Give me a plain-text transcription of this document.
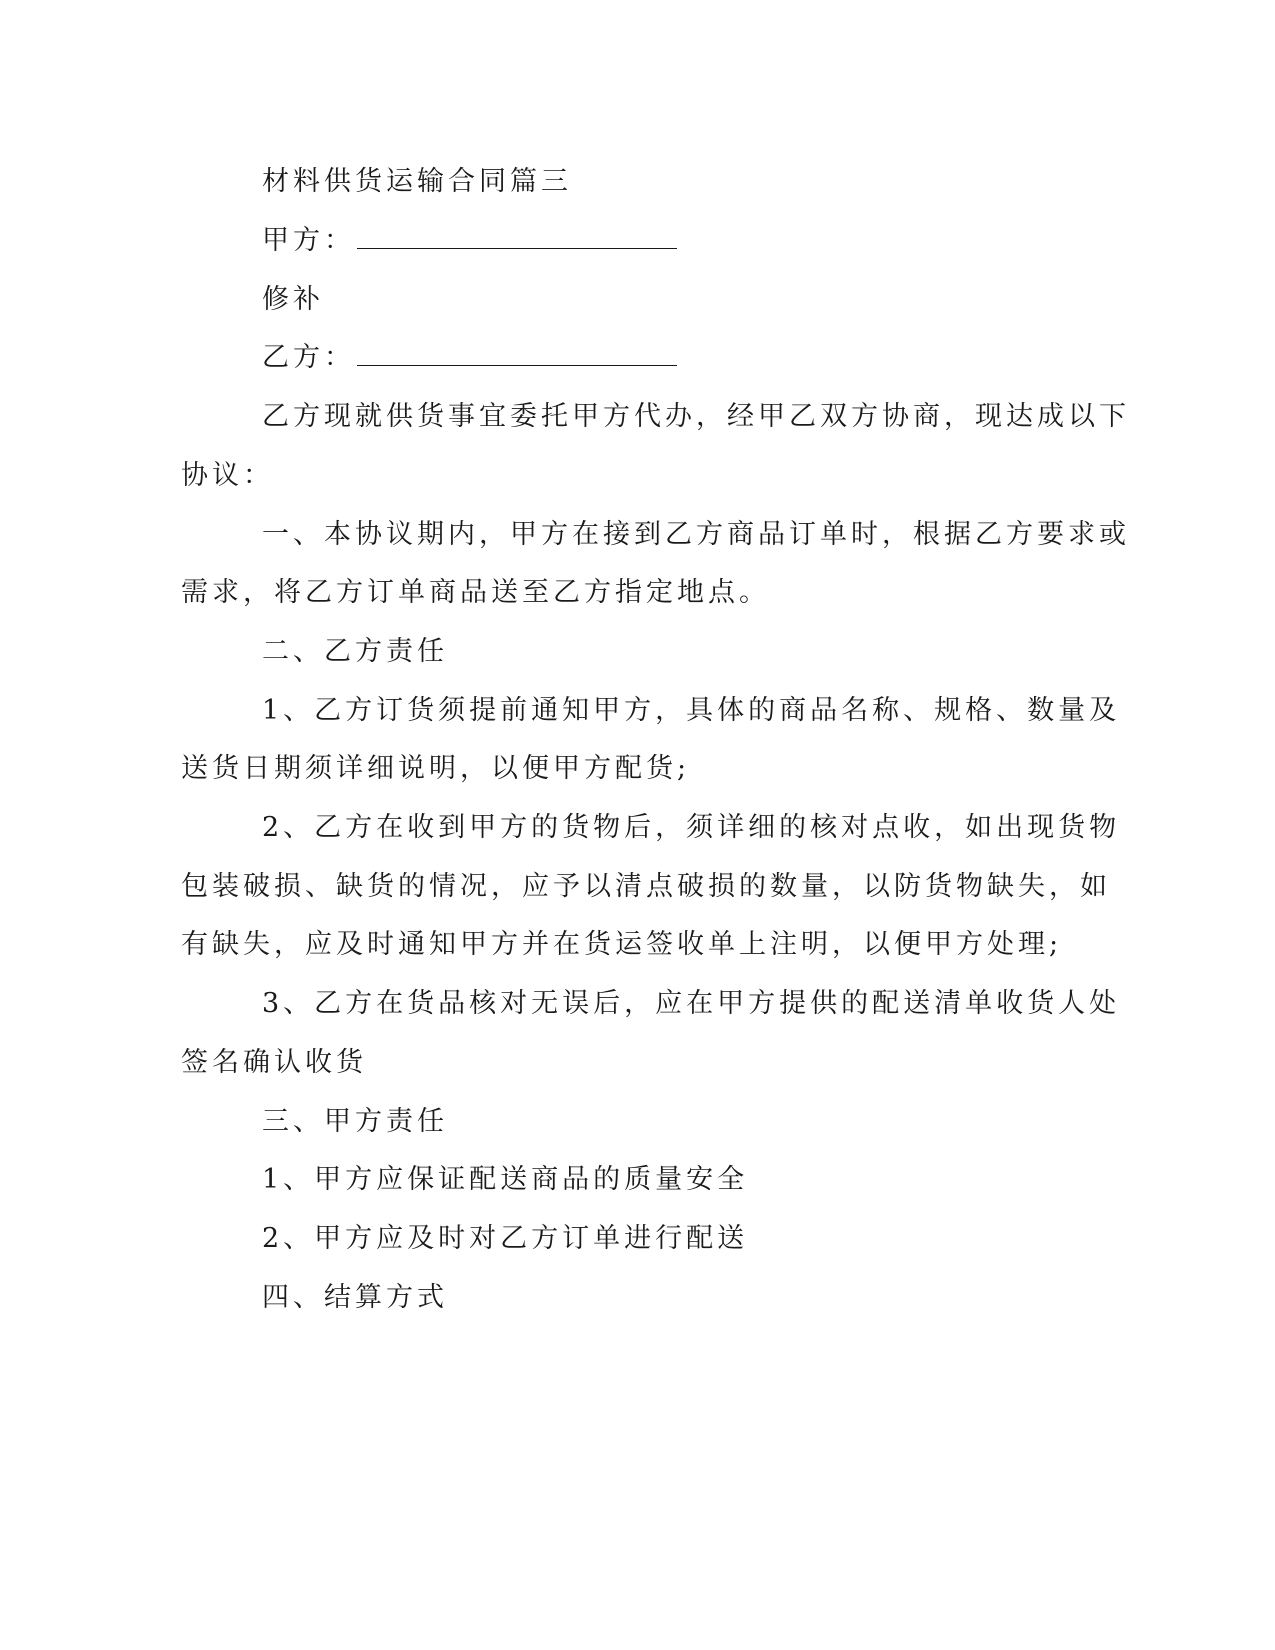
材料供货运输合同篇三
甲方：
修补
乙方：
乙方现就供货事宜委托甲方代办，经甲乙双方协商，现达成以下
协议：
一、本协议期内，甲方在接到乙方商品订单时，根据乙方要求或
需求，将乙方订单商品送至乙方指定地点。
二、乙方责任
1、乙方订货须提前通知甲方，具体的商品名称、规格、数量及
送货日期须详细说明，以便甲方配货;
2、乙方在收到甲方的货物后，须详细的核对点收，如出现货物
包装破损、缺货的情况，应予以清点破损的数量，以防货物缺失，如
有缺失，应及时通知甲方并在货运签收单上注明，以便甲方处理;
3、乙方在货品核对无误后，应在甲方提供的配送清单收货人处
签名确认收货
三、甲方责任
1、甲方应保证配送商品的质量安全
2、甲方应及时对乙方订单进行配送
四、结算方式
